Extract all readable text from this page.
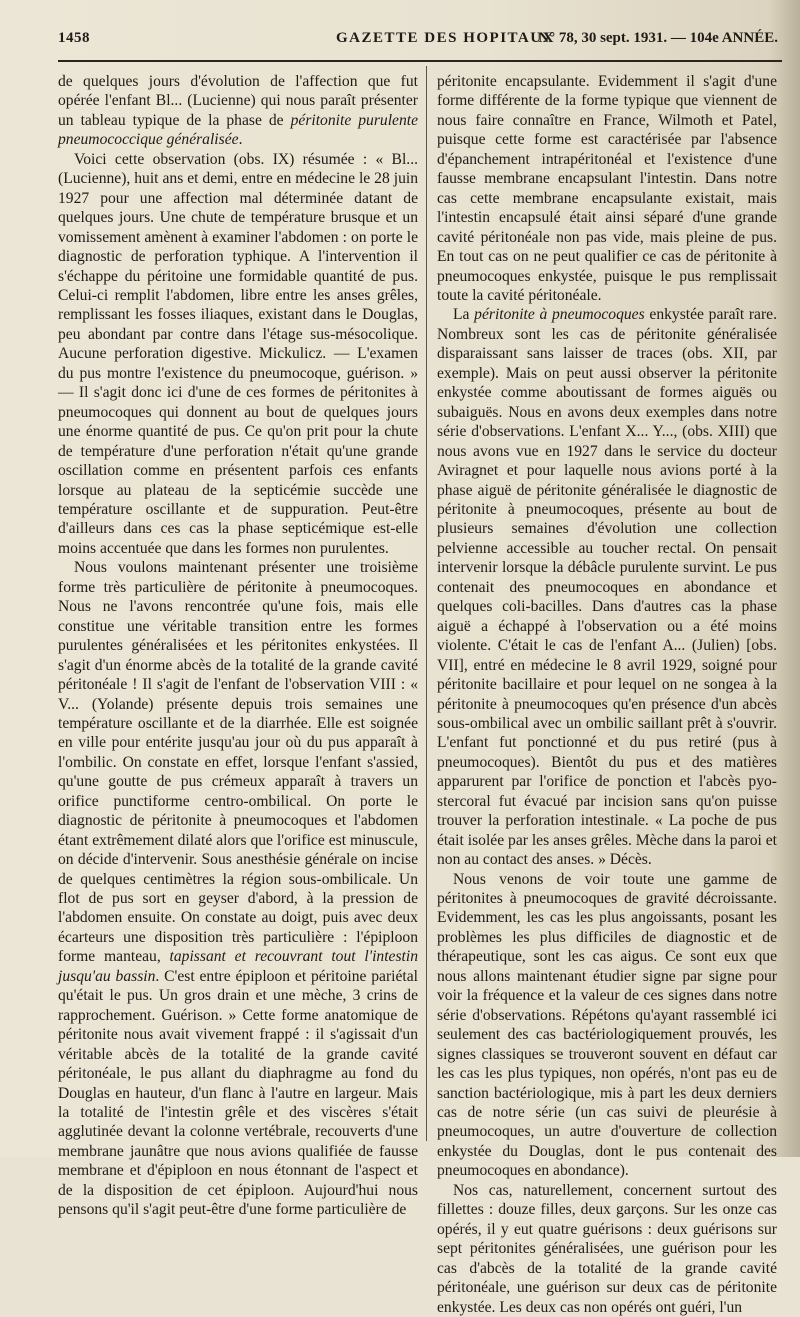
1458	GAZETTE DES HOPITAUX
N° 78, 30 sept. 1931. — 104e ANNÉE.

de quelques jours d'évolution de l'affection que fut opérée l'enfant Bl... (Lucienne) qui nous paraît présenter un tableau typique de la phase de péritonite purulente pneumococcique généralisée.

Voici cette observation (obs. IX) résumée : « Bl... (Lucienne), huit ans et demi, entre en médecine le 28 juin 1927 pour une affection mal déterminée datant de quelques jours. Une chute de température brusque et un vomissement amènent à examiner l'abdomen : on porte le diagnostic de perforation typhique. A l'intervention il s'échappe du péritoine une formidable quantité de pus. Celui-ci remplit l'abdomen, libre entre les anses grêles, remplissant les fosses iliaques, existant dans le Douglas, peu abondant par contre dans l'étage sus-mésocolique. Aucune perforation digestive. Mickulicz. — L'examen du pus montre l'existence du pneumocoque, guérison. » — Il s'agit donc ici d'une de ces formes de péritonites à pneumocoques qui donnent au bout de quelques jours une énorme quantité de pus. Ce qu'on prit pour la chute de température d'une perforation n'était qu'une grande oscillation comme en présentent parfois ces enfants lorsque au plateau de la septicémie succède une température oscillante et de suppuration. Peut-être d'ailleurs dans ces cas la phase septicémique est-elle moins accentuée que dans les formes non purulentes.

Nous voulons maintenant présenter une troisième forme très particulière de péritonite à pneumocoques. Nous ne l'avons rencontrée qu'une fois, mais elle constitue une véritable transition entre les formes purulentes généralisées et les péritonites enkystées. Il s'agit d'un énorme abcès de la totalité de la grande cavité péritonéale ! Il s'agit de l'enfant de l'observation VIII : « V... (Yolande) présente depuis trois semaines une température oscillante et de la diarrhée. Elle est soignée en ville pour entérite jusqu'au jour où du pus apparaît à l'ombilic. On constate en effet, lorsque l'enfant s'assied, qu'une goutte de pus crémeux apparaît à travers un orifice punctiforme centro-ombilical. On porte le diagnostic de péritonite à pneumocoques et l'abdomen étant extrêmement dilaté alors que l'orifice est minuscule, on décide d'intervenir. Sous anesthésie générale on incise de quelques centimètres la région sous-ombilicale. Un flot de pus sort en geyser d'abord, à la pression de l'abdomen ensuite. On constate au doigt, puis avec deux écarteurs une disposition très particulière : l'épiploon forme manteau, tapissant et recouvrant tout l'intestin jusqu'au bassin. C'est entre épiploon et péritoine pariétal qu'était le pus. Un gros drain et une mèche, 3 crins de rapprochement. Guérison. » Cette forme anatomique de péritonite nous avait vivement frappé : il s'agissait d'un véritable abcès de la totalité de la grande cavité péritonéale, le pus allant du diaphragme au fond du Douglas en hauteur, d'un flanc à l'autre en largeur. Mais la totalité de l'intestin grêle et des viscères s'était agglutinée devant la colonne vertébrale, recouverts d'une membrane jaunâtre que nous avions qualifiée de fausse membrane et d'épiploon en nous étonnant de l'aspect et de la disposition de cet épiploon. Aujourd'hui nous pensons qu'il s'agit peut-être d'une forme particulière de

péritonite encapsulante. Evidemment il s'agit d'une forme différente de la forme typique que viennent de nous faire connaître en France, Wilmoth et Patel, puisque cette forme est caractérisée par l'absence d'épanchement intrapéritonéal et l'existence d'une fausse membrane encapsulant l'intestin. Dans notre cas cette membrane encapsulante existait, mais l'intestin encapsulé était ainsi séparé d'une grande cavité péritonéale non pas vide, mais pleine de pus. En tout cas on ne peut qualifier ce cas de péritonite à pneumocoques enkystée, puisque le pus remplissait toute la cavité péritonéale.

La péritonite à pneumocoques enkystée paraît rare. Nombreux sont les cas de péritonite généralisée disparaissant sans laisser de traces (obs. XII, par exemple). Mais on peut aussi observer la péritonite enkystée comme aboutissant de formes aiguës ou subaiguës. Nous en avons deux exemples dans notre série d'observations. L'enfant X... Y..., (obs. XIII) que nous avons vue en 1927 dans le service du docteur Aviragnet et pour laquelle nous avions porté à la phase aiguë de péritonite généralisée le diagnostic de péritonite à pneumocoques, présente au bout de plusieurs semaines d'évolution une collection pelvienne accessible au toucher rectal. On pensait intervenir lorsque la débâcle purulente survint. Le pus contenait des pneumocoques en abondance et quelques coli-bacilles. Dans d'autres cas la phase aiguë a échappé à l'observation ou a été moins violente. C'était le cas de l'enfant A... (Julien) [obs. VII], entré en médecine le 8 avril 1929, soigné pour péritonite bacillaire et pour lequel on ne songea à la péritonite à pneumocoques qu'en présence d'un abcès sous-ombilical avec un ombilic saillant prêt à s'ouvrir. L'enfant fut ponctionné et du pus retiré (pus à pneumocoques). Bientôt du pus et des matières apparurent par l'orifice de ponction et l'abcès pyo-stercoral fut évacué par incision sans qu'on puisse trouver la perforation intestinale. « La poche de pus était isolée par les anses grêles. Mèche dans la paroi et non au contact des anses. » Décès.

Nous venons de voir toute une gamme de péritonites à pneumocoques de gravité décroissante. Evidemment, les cas les plus angoissants, posant les problèmes les plus difficiles de diagnostic et de thérapeutique, sont les cas aigus. Ce sont eux que nous allons maintenant étudier signe par signe pour voir la fréquence et la valeur de ces signes dans notre série d'observations. Répétons qu'ayant rassemblé ici seulement des cas bactériologiquement prouvés, les signes classiques se trouveront souvent en défaut car les cas les plus typiques, non opérés, n'ont pas eu de sanction bactériologique, mis à part les deux derniers cas de notre série (un cas suivi de pleurésie à pneumocoques, un autre d'ouverture de collection enkystée du Douglas, dont le pus contenait des pneumocoques en abondance).

Nos cas, naturellement, concernent surtout des fillettes : douze filles, deux garçons. Sur les onze cas opérés, il y eut quatre guérisons : deux guérisons sur sept péritonites généralisées, une guérison pour les cas d'abcès de la totalité de la grande cavité péritonéale, une guérison sur deux cas de péritonite enkystée. Les deux cas non opérés ont guéri, l'un
